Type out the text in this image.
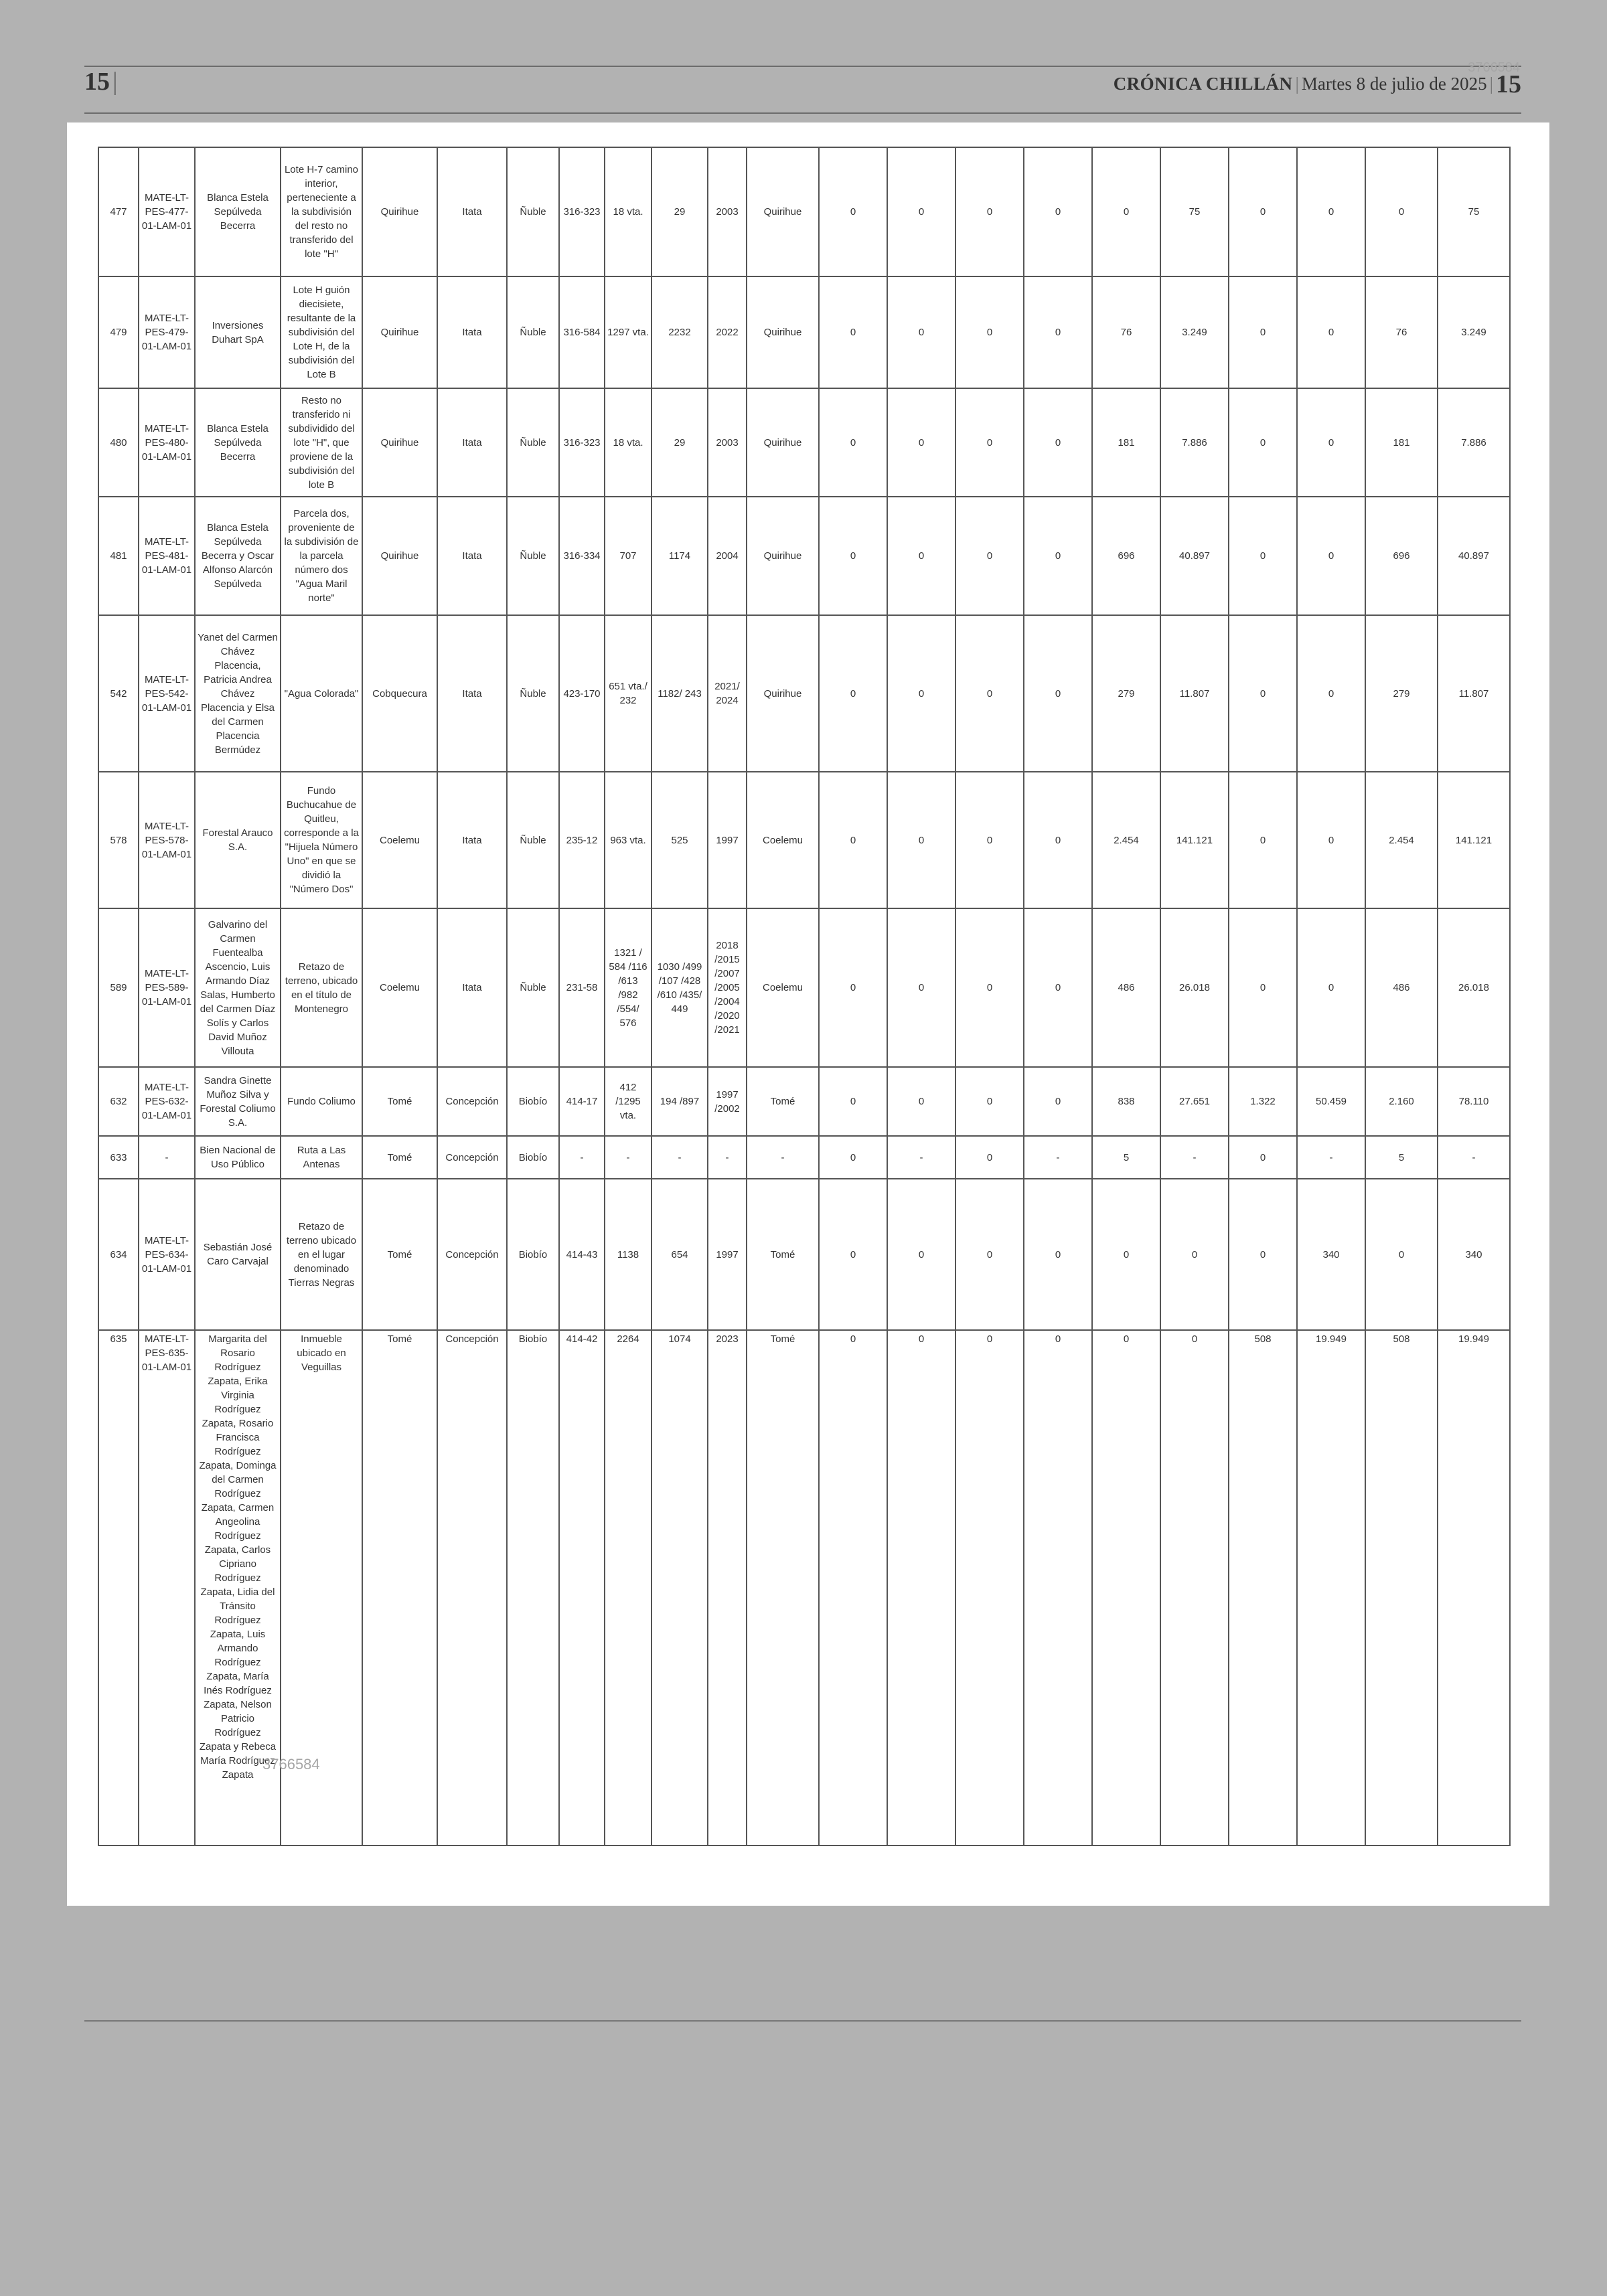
15 |	CRÓNICA CHILLÁN | Martes 8 de julio de 2025 | 15
3766584
477	MATE-LT-PES-477-01-LAM-01	Blanca Estela Sepúlveda Becerra	Lote H-7 camino interior, perteneciente a la subdivisión del resto no transferido del lote "H"	Quirihue	Itata	Ñuble	316-323	18 vta.	29	2003	Quirihue	0	0	0	0	0	75	0	0	0	75
479	MATE-LT-PES-479-01-LAM-01	Inversiones Duhart SpA	Lote H guión diecisiete, resultante de la subdivisión del Lote H, de la subdivisión del Lote B	Quirihue	Itata	Ñuble	316-584	1297 vta.	2232	2022	Quirihue	0	0	0	0	76	3.249	0	0	76	3.249
480	MATE-LT-PES-480-01-LAM-01	Blanca Estela Sepúlveda Becerra	Resto no transferido ni subdividido del lote "H", que proviene de la subdivisión del lote B	Quirihue	Itata	Ñuble	316-323	18 vta.	29	2003	Quirihue	0	0	0	0	181	7.886	0	0	181	7.886
481	MATE-LT-PES-481-01-LAM-01	Blanca Estela Sepúlveda Becerra y Oscar Alfonso Alarcón Sepúlveda	Parcela dos, proveniente de la subdivisión de la parcela número dos "Agua Maril norte"	Quirihue	Itata	Ñuble	316-334	707	1174	2004	Quirihue	0	0	0	0	696	40.897	0	0	696	40.897
542	MATE-LT-PES-542-01-LAM-01	Yanet del Carmen Chávez Placencia, Patricia Andrea Chávez Placencia y Elsa del Carmen Placencia Bermúdez	"Agua Colorada"	Cobquecura	Itata	Ñuble	423-170	651 vta./ 232	1182/ 243	2021/ 2024	Quirihue	0	0	0	0	279	11.807	0	0	279	11.807
578	MATE-LT-PES-578-01-LAM-01	Forestal Arauco S.A.	Fundo Buchucahue de Quitleu, corresponde a la "Hijuela Número Uno" en que se dividió la "Número Dos"	Coelemu	Itata	Ñuble	235-12	963 vta.	525	1997	Coelemu	0	0	0	0	2.454	141.121	0	0	2.454	141.121
589	MATE-LT-PES-589-01-LAM-01	Galvarino del Carmen Fuentealba Ascencio, Luis Armando Díaz Salas, Humberto del Carmen Díaz Solís y Carlos David Muñoz Villouta	Retazo de terreno, ubicado en el título de Montenegro	Coelemu	Itata	Ñuble	231-58	1321 / 584 /116 /613 /982 /554/ 576	1030 /499 /107 /428 /610 /435/ 449	2018 /2015 /2007 /2005 /2004 /2020 /2021	Coelemu	0	0	0	0	486	26.018	0	0	486	26.018
632	MATE-LT-PES-632-01-LAM-01	Sandra Ginette Muñoz Silva y Forestal Coliumo S.A.	Fundo Coliumo	Tomé	Concepción	Biobío	414-17	412 /1295 vta.	194 /897	1997 /2002	Tomé	0	0	0	0	838	27.651	1.322	50.459	2.160	78.110
633	-	Bien Nacional de Uso Público	Ruta a Las Antenas	Tomé	Concepción	Biobío	-	-	-	-	-	0	-	0	-	5	-	0	-	5	-
634	MATE-LT-PES-634-01-LAM-01	Sebastián José Caro Carvajal	Retazo de terreno ubicado en el lugar denominado Tierras Negras	Tomé	Concepción	Biobío	414-43	1138	654	1997	Tomé	0	0	0	0	0	0	0	340	0	340
635	MATE-LT-PES-635-01-LAM-01	Margarita del Rosario Rodríguez Zapata, Erika Virginia Rodríguez Zapata, Rosario Francisca Rodríguez Zapata, Dominga del Carmen Rodríguez Zapata, Carmen Angeolina Rodríguez Zapata, Carlos Cipriano Rodríguez Zapata, Lidia del Tránsito Rodríguez Zapata, Luis Armando Rodríguez Zapata, María Inés Rodríguez Zapata, Nelson Patricio Rodríguez Zapata y Rebeca María Rodríguez Zapata	Inmueble ubicado en Veguillas	Tomé	Concepción	Biobío	414-42	2264	1074	2023	Tomé	0	0	0	0	0	0	508	19.949	508	19.949
3766584
